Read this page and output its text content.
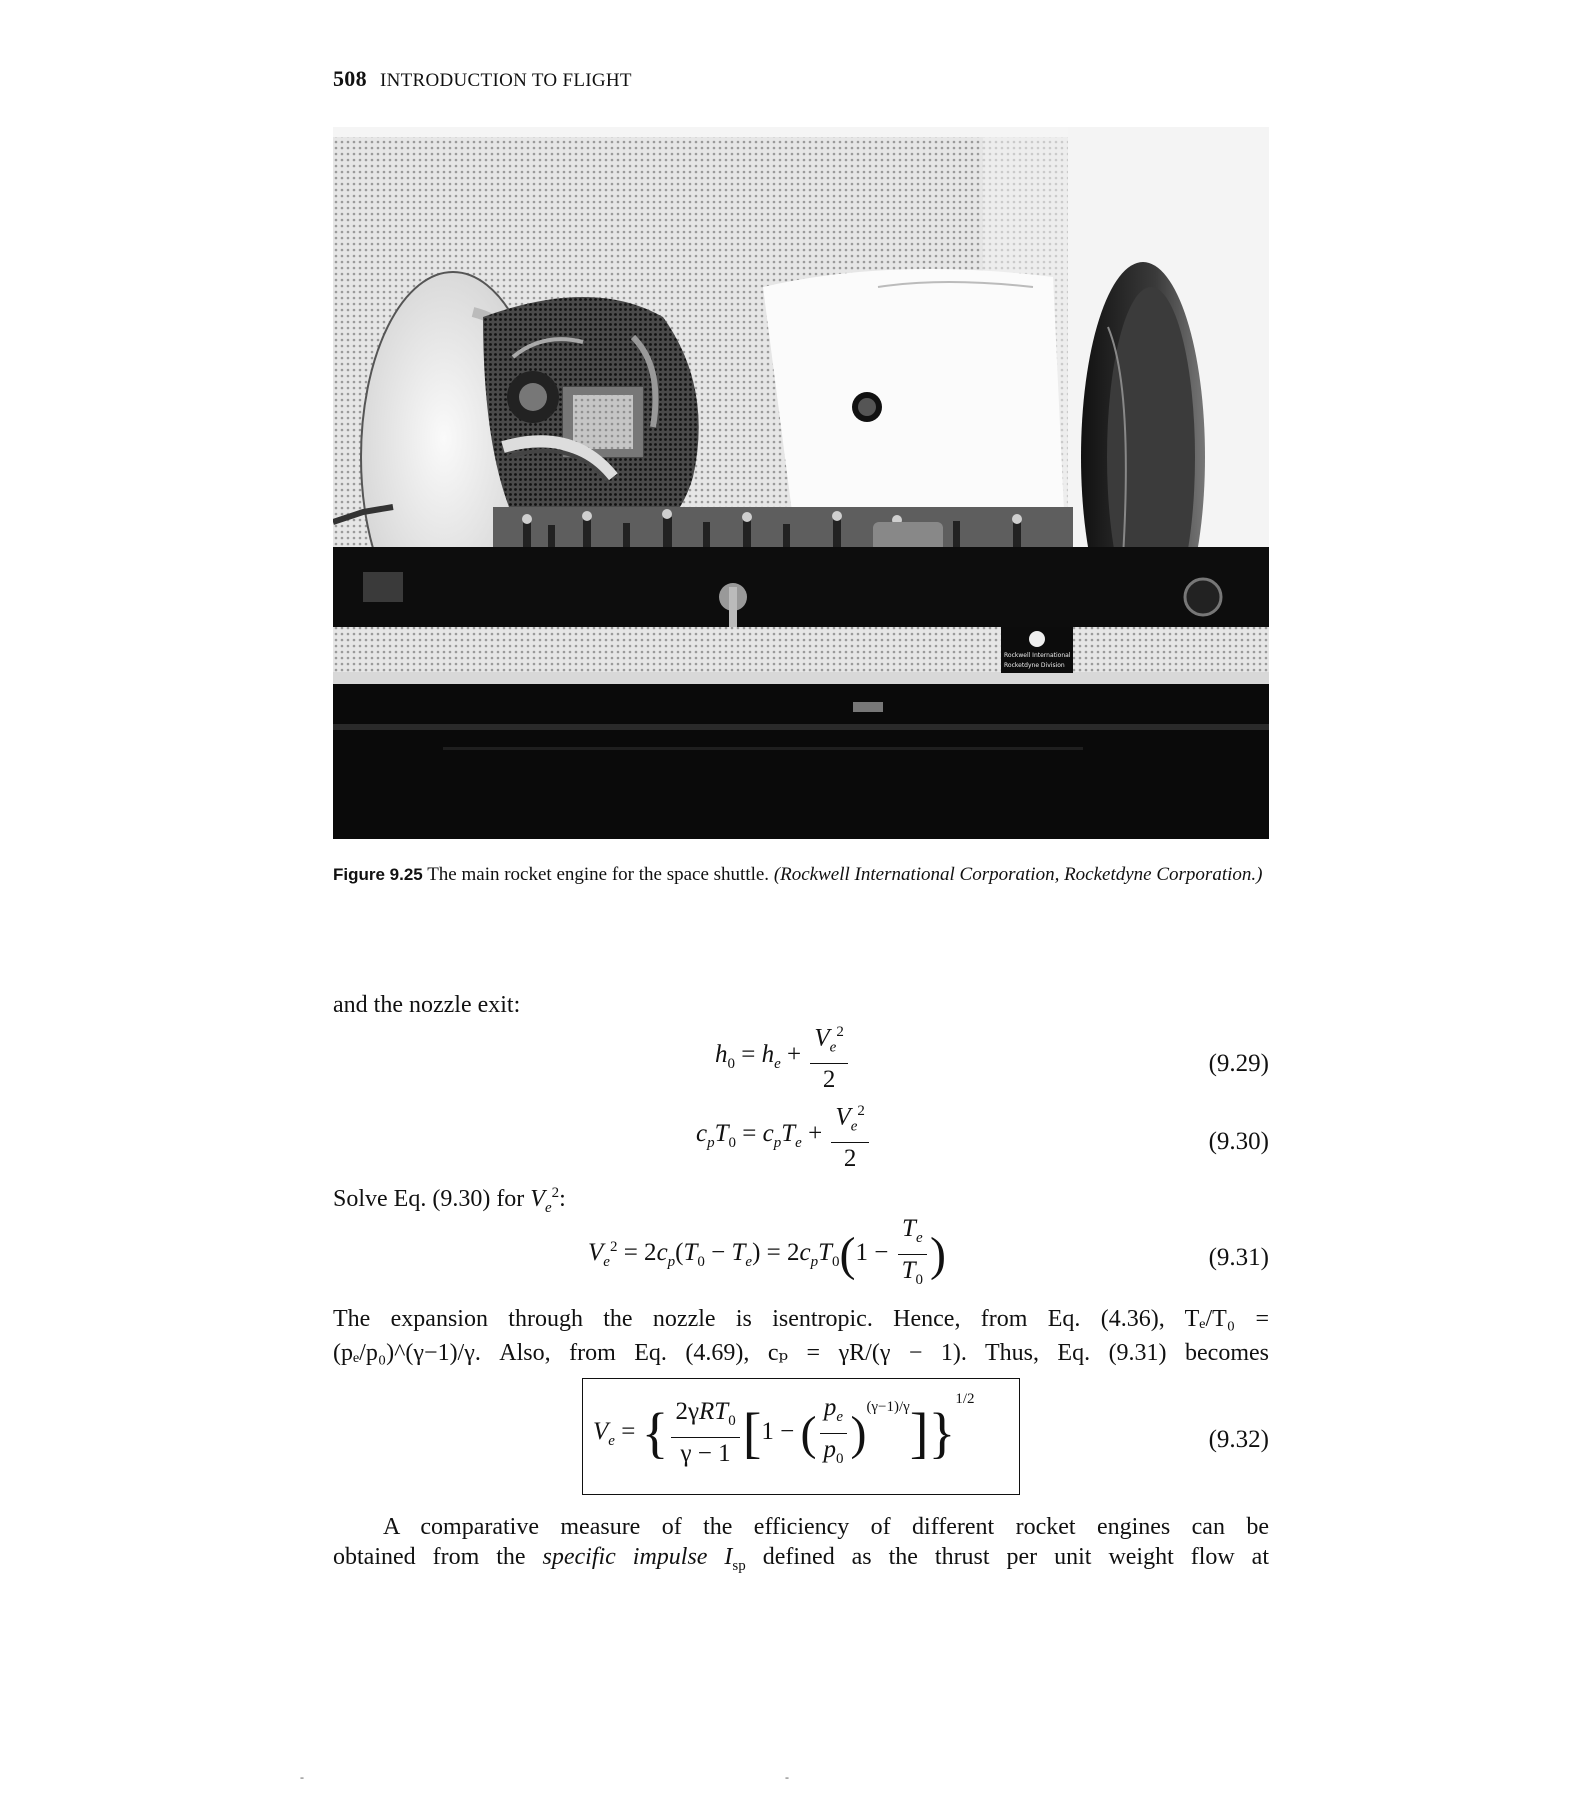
508 INTRODUCTION TO FLIGHT
Rockwell International
Rocketdyne Division
Figure 9.25 The main rocket engine for the space shuttle. (Rockwell International Corporation, Rocketdyne Corporation.)
and the nozzle exit:
$h_0 = h_e + \frac{V_e^2}{2}$	(9.29)
$c_pT_0 = c_pT_e + \frac{V_e^2}{2}$	(9.30)
Solve Eq. (9.30) for $V_e^2$:
$V_e^2 = 2c_p(T_0 - T_e) = 2c_pT_0(1 - \frac{T_e}{T_0}$ )	(9.31)
The expansion through the nozzle is isentropic. Hence, from Eq. (4.36), Tₑ/T₀ =
(pₑ/p₀)^(γ−1)/γ. Also, from Eq. (4.69), cₚ = γR/(γ − 1). Thus, Eq. (9.31) becomes
$V_e$ = { $\frac{2\gamma RT_0}{\gamma - 1} [1$ − ( $\frac{p_e}{p_0} )^{(\gamma-1)/\gamma}]\}^{1/2}$
(9.32)
A comparative measure of the efficiency of different rocket engines can be
obtained from the specific impulse $I_{sp}$ defined as the thrust per unit weight flow at
-	-
